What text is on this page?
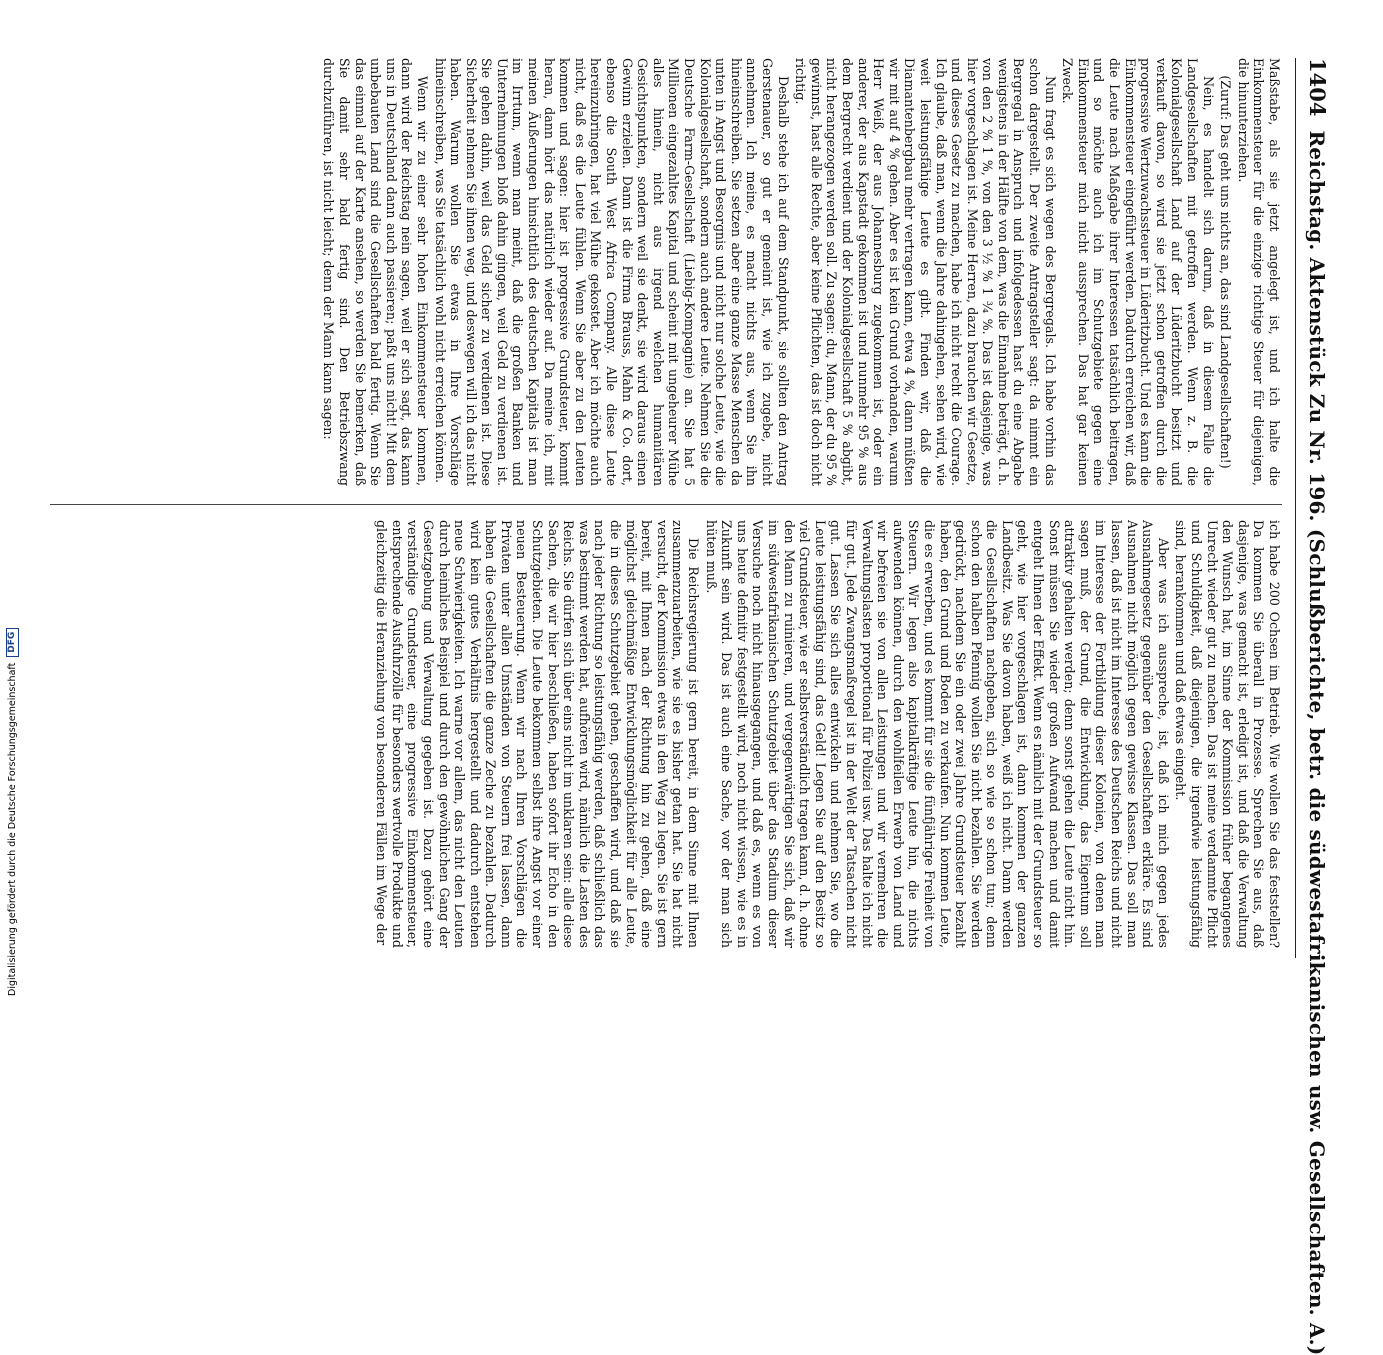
1404
Reichstag. Aktenstück Zu Nr. 196. (Schlußberichte, betr. die südwestafrikanischen usw. Gesellschaften. A.)

Maßstabe, als sie jetzt angelegt ist, und ich halte die Einkommensteuer für die einzige richtige Steuer für diejenigen, die hinunterziehen.

(Zuruf: Das geht uns nichts an, das sind Landgesellschaften!)

Nein, es handelt sich darum, daß in diesem Falle die Landgesellschaften mit getroffen werden. Wenn z. B. die Kolonialgesellschaft Land auf der Lüderitzbucht besitzt und verkauft davon, so wird sie jetzt schon getroffen durch die progressive Wertzuwachssteuer in Lüderitzbucht. Und es kann die Einkommensteuer eingeführt werden. Dadurch erreichen wir, daß die Leute nach Maßgabe ihrer Interessen tatsächlich beitragen, und so möchte auch ich im Schutzgebiete gegen eine Einkommensteuer mich nicht aussprechen. Das hat gar keinen Zweck.

Nun fragt es sich wegen des Bergregals. Ich habe vorhin das schon dargestellt. Der zweite Antragsteller sagt: da nimmt ein Bergregal in Anspruch und infolgedessen hast du eine Abgabe wenigstens in der Hälfte von dem, was die Einnahme beträgt, d. h. von den 2 % 1 %, von den 3 ½ % 1 ¾ %. Das ist dasjenige, was hier vorgeschlagen ist. Meine Herren, dazu brauchen wir Gesetze, und dieses Gesetz zu machen, habe ich nicht recht die Courage. Ich glaube, daß man, wenn die Jahre dahingehen, sehen wird, wie weit leistungsfähige Leute es gibt. Finden wir, daß die Diamantenbergbau mehr vertragen kann, etwa 4 %, dann müßten wir mit auf 4 % gehen. Aber es ist kein Grund vorhanden, warum Herr Weiß, der aus Johannesburg zugekommen ist, oder ein anderer, der aus Kapstadt gekommen ist und nunmehr 95 % aus dem Bergrecht verdient und der Kolonialgesellschaft 5 % abgibt, nicht herangezogen werden soll. Zu sagen: du, Mann, der du 95 % gewinnst, hast alle Rechte, aber keine Pflichten, das ist doch nicht richtig.

Deshalb stehe ich auf dem Standpunkt, sie sollten den Antrag Gerstenauer, so gut er gemeint ist, wie ich zugebe, nicht annehmen. Ich meine, es macht nichts aus, wenn Sie ihn hineinschreiben. Sie setzen aber eine ganze Masse Menschen da unten in Angst und Besorgnis und nicht nur solche Leute, wie die Kolonialgesellschaft, sondern auch andere Leute. Nehmen Sie die Deutsche Farm-Gesellschaft (Liebig-Kompagnie) an. Sie hat 5 Millionen eingezahltes Kapital und scheint mit ungeheurer Mühe alles hinein, nicht aus irgend welchen humanitären Gesichtspunkten, sondern weil sie denkt, sie wird daraus einen Gewinn erzielen. Dann ist die Firma Brauss, Mahn & Co. dort, ebenso die South West Africa Company. Alle diese Leute hereinzubringen, hat viel Mühe gekostet. Aber ich möchte auch nicht, daß es die Leute fühlen. Wenn Sie aber zu den Leuten kommen und sagen: hier ist progressive Grundsteuer, kommt heran, dann hört das natürlich wieder auf. Da meine ich, mit meinen Äußerungen hinsichtlich des deutschen Kapitals ist man im Irrtum, wenn man meint, daß die großen Banken und Unternehmungen bloß dahin gingen, weil Geld zu verdienen ist. Sie gehen dahin, weil das Geld sicher zu verdienen ist. Diese Sicherheit nehmen Sie ihnen weg, und deswegen will ich das nicht haben. Warum wollen Sie etwas in Ihre Vorschläge hineinschreiben, was Sie tatsächlich wohl nicht erreichen können.

Wenn wir zu einer sehr hohen Einkommensteuer kommen, dann wird der Reichstag nein sagen, weil er sich sagt, das kann uns in Deutschland dann auch passieren; paßt uns nicht! Mit dem unbebauten Land sind die Gesellschaften bald fertig. Wenn Sie das einmal auf der Karte ansehen, so werden Sie bemerken, daß Sie damit sehr bald fertig sind. Den Betriebszwang durchzuführen, ist nicht leicht; denn der Mann kann sagen:

ich habe 200 Ochsen im Betrieb. Wie wollen Sie das feststellen? Da kommen Sie überall in Prozesse. Sprechen Sie aus, daß dasjenige, was gemacht ist, erledigt ist, und daß die Verwaltung den Wunsch hat, im Sinne der Kommission früher begangenes Unrecht wieder gut zu machen. Das ist meine verdammte Pflicht und Schuldigkeit, daß diejenigen, die irgendwie leistungsfähig sind, herankommen und daß etwas eingeht.

Aber was ich ausspreche, ist, daß ich mich gegen jedes Ausnahmegesetz gegenüber den Gesellschaften erkläre. Es sind Ausnahmen nicht möglich gegen gewisse Klassen. Das soll man lassen, daß ist nicht im Interesse des Deutschen Reichs und nicht im Interesse der Fortbildung dieser Kolonien, von denen man sagen muß, der Grund, die Entwicklung, das Eigentum soll attraktiv gehalten werden; denn sonst gehen die Leute nicht hin. Sonst müssen Sie wieder großen Aufwand machen und damit entgeht Ihnen der Effekt. Wenn es nämlich mit der Grundsteuer so geht, wie hier vorgeschlagen ist, dann kommen der ganzen Landbesitz. Was Sie davon haben, weiß ich nicht. Dann werden die Gesellschaften nachgeben, sich so wie so schon tun; denn schon den halben Pfennig wollen Sie nicht bezahlen. Sie werden gedrückt, nachdem Sie ein oder zwei Jahre Grundsteuer bezahlt haben, den Grund und Boden zu verkaufen. Nun kommen Leute, die es erwerben, und es kommt für sie die fünfjährige Freiheit von Steuern. Wir legen also kapitalkräftige Leute hin, die nichts aufwenden können, durch den wohlfeilen Erwerb von Land und wir befreien sie von allen Leistungen und wir vermehren die Verwaltungslasten proportional für Polizei usw. Das halte ich nicht für gut. Jede Zwangsmaßregel ist in der Welt der Tatsachen nicht gut. Lassen Sie sich alles entwickeln und nehmen Sie, wo die Leute leistungsfähig sind, das Geld! Legen Sie auf den Besitz so viel Grundsteuer, wie er selbstverständlich tragen kann, d. h. ohne den Mann zu ruinieren, und vergegenwärtigen Sie sich, daß wir im südwestafrikanischen Schutzgebiet über das Stadium dieser Versuche noch nicht hinausgegangen, und daß es, wenn es von uns heute definitiv festgestellt wird, noch nicht wissen, wie es in Zukunft sein wird. Das ist auch eine Sache, vor der man sich hüten muß.

Die Reichsregierung ist gern bereit, in dem Sinne mit Ihnen zusammenzuarbeiten, wie sie es bisher getan hat. Sie hat nicht versucht, der Kommission etwas in den Weg zu legen. Sie ist gern bereit, mit Ihnen nach der Richtung hin zu gehen, daß eine möglichst gleichmäßige Entwicklungsmöglichkeit für alle Leute, die in dieses Schutzgebiet gehen, geschaffen wird, und daß sie nach jeder Richtung so leistungsfähig werden, daß schließlich das was bestimmt werden hat, aufhören wird, nämlich die Lasten des Reichs. Sie dürfen sich über eins nicht im unklaren sein: alle diese Sachen, die wir hier beschließen, haben sofort ihr Echo in den Schutzgebieten. Die Leute bekommen selbst ihre Angst vor einer neuen Besteuerung. Wenn wir nach Ihren Vorschlägen die Privaten unter allen Umständen von Steuern frei lassen, dann haben die Gesellschaften die ganze Zeche zu bezahlen. Dadurch wird kein gutes Verhältnis hergestellt und dadurch entstehen neue Schwierigkeiten. Ich warne vor allem, das nicht den Leuten durch heimliches Beispiel und durch den gewöhnlichen Gang der Gesetzgebung und Verwaltung gegeben ist. Dazu gehört eine verständige Grundsteuer, eine progressive Einkommensteuer, entsprechende Ausfuhrzölle für besonders wertvolle Produkte und gleichzeitig die Heranziehung von besonderen Fällen im Wege der

Digitalisierung gefördert durch die Deutsche Forschungsgemeinschaft
DFG
